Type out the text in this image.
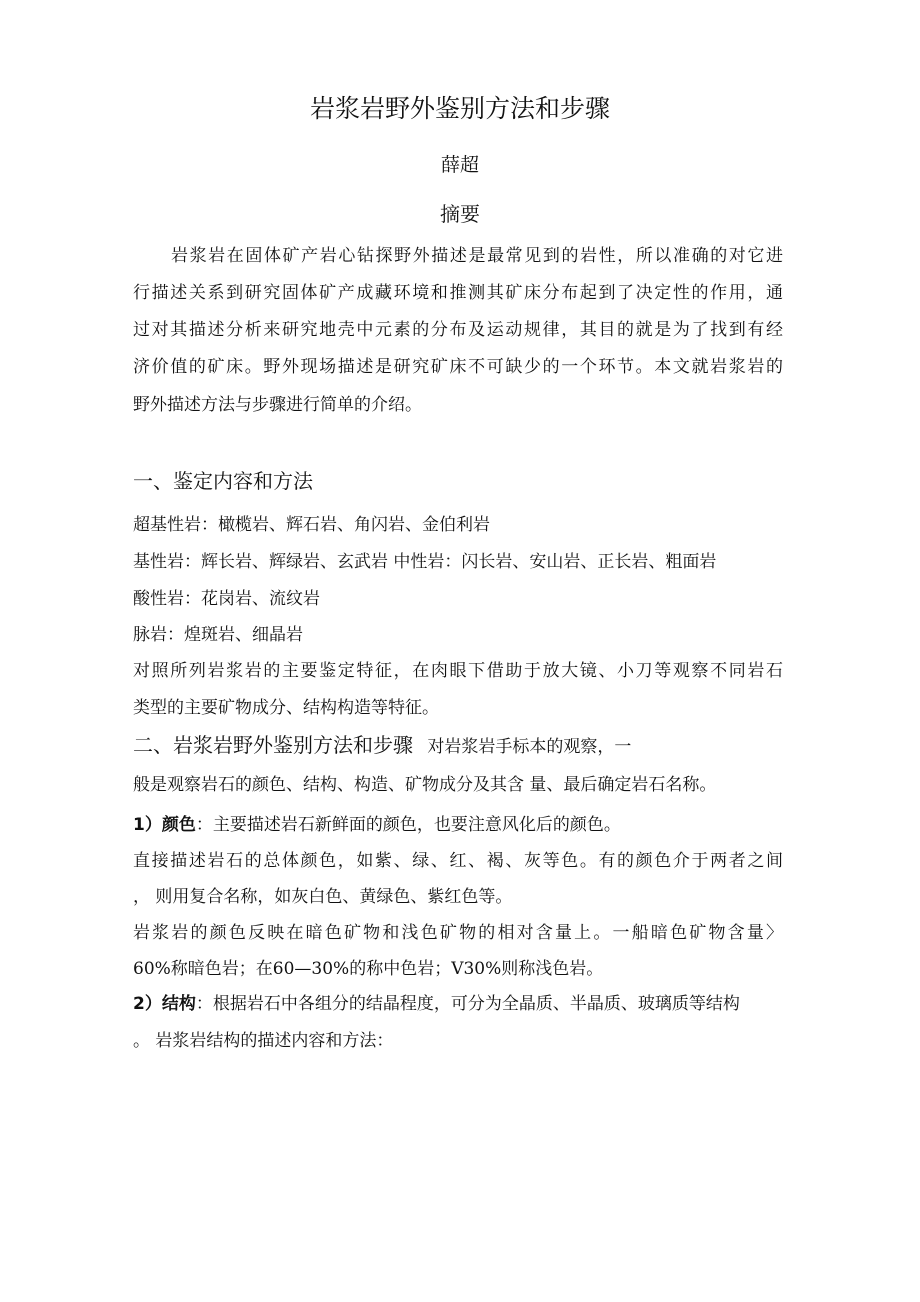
岩浆岩野外鉴别方法和步骤
薛超
摘要
岩浆岩在固体矿产岩心钻探野外描述是最常见到的岩性，所以准确的对它进
行描述关系到研究固体矿产成藏环境和推测其矿床分布起到了决定性的作用，通
过对其描述分析来研究地壳中元素的分布及运动规律，其目的就是为了找到有经
济价值的矿床。野外现场描述是研究矿床不可缺少的一个环节。本文就岩浆岩的
野外描述方法与步骤进行简单的介绍。
一、鉴定内容和方法
超基性岩：橄榄岩、辉石岩、角闪岩、金伯利岩
基性岩：辉长岩、辉绿岩、玄武岩 中性岩：闪长岩、安山岩、正长岩、粗面岩
酸性岩：花岗岩、流纹岩
脉岩：煌斑岩、细晶岩
对照所列岩浆岩的主要鉴定特征，在肉眼下借助于放大镜、小刀等观察不同岩石
类型的主要矿物成分、结构构造等特征。
二、岩浆岩野外鉴别方法和步骤 对岩浆岩手标本的观察，一
般是观察岩石的颜色、结构、构造、矿物成分及其含 量、最后确定岩石名称。
1）颜色：主要描述岩石新鲜面的颜色，也要注意风化后的颜色。
直接描述岩石的总体颜色，如紫、绿、红、褐、灰等色。有的颜色介于两者之间
， 则用复合名称，如灰白色、黄绿色、紫红色等。
岩浆岩的颜色反映在暗色矿物和浅色矿物的相对含量上。一船暗色矿物含量〉
60%称暗色岩；在60—30%的称中色岩；V30%则称浅色岩。
2）结构：根据岩石中各组分的结晶程度，可分为全晶质、半晶质、玻璃质等结构
。 岩浆岩结构的描述内容和方法：
